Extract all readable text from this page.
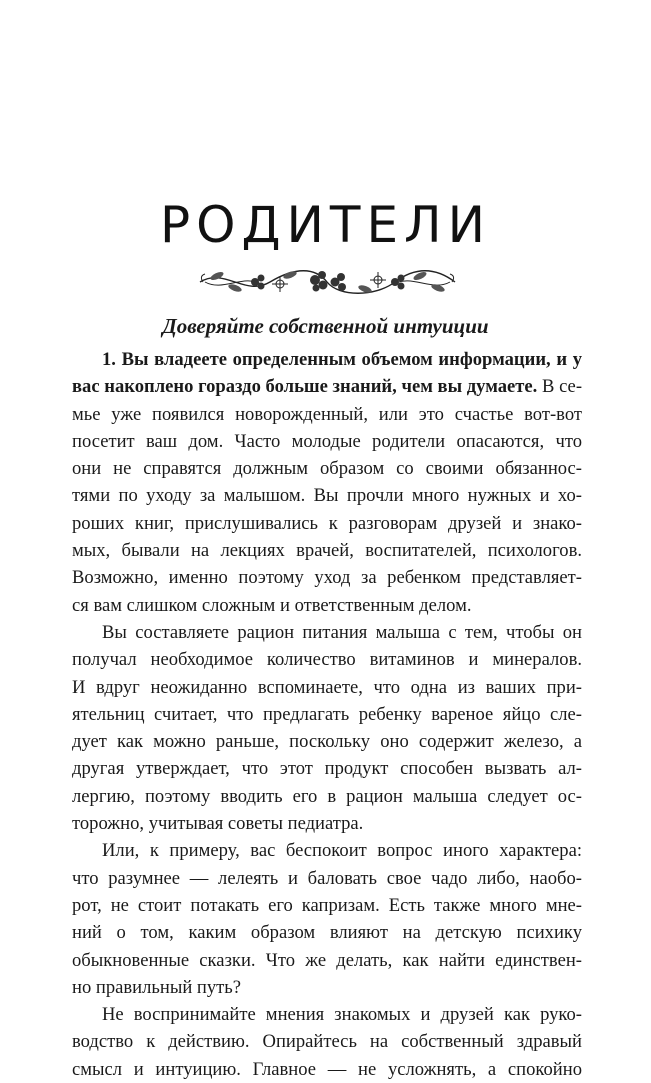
РОДИТЕЛИ
Доверяйте собственной интуиции
1. Вы владеете определенным объемом информации, и у
вас накоплено гораздо больше знаний, чем вы думаете. В се-
мье уже появился новорожденный, или это счастье вот-вот
посетит ваш дом. Часто молодые родители опасаются, что
они не справятся должным образом со своими обязаннос-
тями по уходу за малышом. Вы прочли много нужных и хо-
роших книг, прислушивались к разговорам друзей и знако-
мых, бывали на лекциях врачей, воспитателей, психологов.
Возможно, именно поэтому уход за ребенком представляет-
ся вам слишком сложным и ответственным делом.
Вы составляете рацион питания малыша с тем, чтобы он
получал необходимое количество витаминов и минералов.
И вдруг неожиданно вспоминаете, что одна из ваших при-
ятельниц считает, что предлагать ребенку вареное яйцо сле-
дует как можно раньше, поскольку оно содержит железо, а
другая утверждает, что этот продукт способен вызвать ал-
лергию, поэтому вводить его в рацион малыша следует ос-
торожно, учитывая советы педиатра.
Или, к примеру, вас беспокоит вопрос иного характера:
что разумнее — лелеять и баловать свое чадо либо, наобо-
рот, не стоит потакать его капризам. Есть также много мне-
ний о том, каким образом влияют на детскую психику
обыкновенные сказки. Что же делать, как найти единствен-
но правильный путь?
Не воспринимайте мнения знакомых и друзей как руко-
водство к действию. Опирайтесь на собственный здравый
смысл и интуицию. Главное — не усложнять, а спокойно
